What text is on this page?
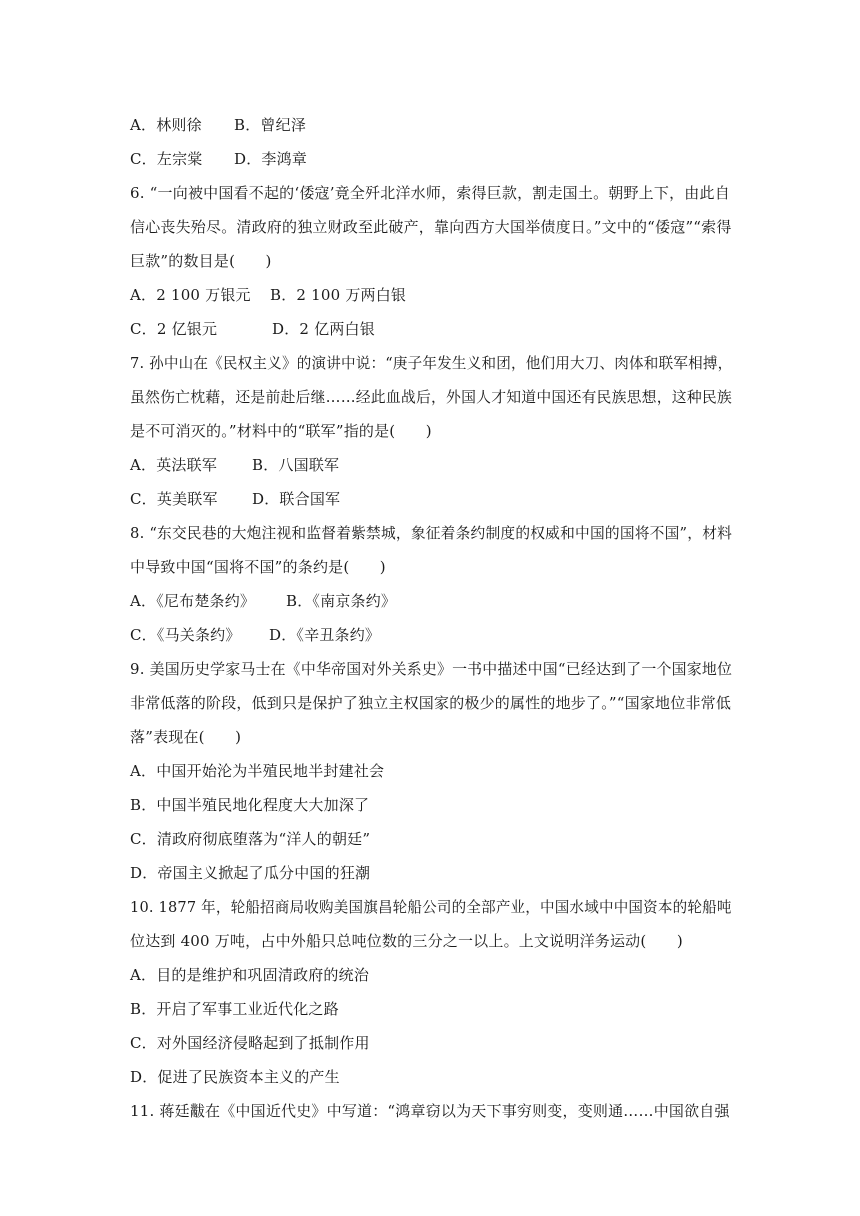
A．林则徐	B．曾纪泽
C．左宗棠	D．李鸿章
6. “一向被中国看不起的‘倭寇’竟全歼北洋水师，索得巨款，割走国土。朝野上下，由此自
信心丧失殆尽。清政府的独立财政至此破产，靠向西方大国举债度日。”文中的“倭寇”“索得
巨款”的数目是(　　)
A．2 100 万银元	B．2 100 万两白银
C．2 亿银元	D．2 亿两白银
7. 孙中山在《民权主义》的演讲中说：“庚子年发生义和团，他们用大刀、肉体和联军相搏，
虽然伤亡枕藉，还是前赴后继……经此血战后，外国人才知道中国还有民族思想，这种民族
是不可消灭的。”材料中的“联军”指的是(　　)
A．英法联军	B．八国联军
C．英美联军	D．联合国军
8. “东交民巷的大炮注视和监督着紫禁城，象征着条约制度的权威和中国的国将不国”，材料
中导致中国“国将不国”的条约是(　　)
A．《尼布楚条约》	B．《南京条约》
C．《马关条约》	D．《辛丑条约》
9. 美国历史学家马士在《中华帝国对外关系史》一书中描述中国“已经达到了一个国家地位
非常低落的阶段，低到只是保护了独立主权国家的极少的属性的地步了。”“国家地位非常低
落”表现在(　　)
A．中国开始沦为半殖民地半封建社会
B．中国半殖民地化程度大大加深了
C．清政府彻底堕落为“洋人的朝廷”
D．帝国主义掀起了瓜分中国的狂潮
10. 1877 年，轮船招商局收购美国旗昌轮船公司的全部产业，中国水域中中国资本的轮船吨
位达到 400 万吨，占中外船只总吨位数的三分之一以上。上文说明洋务运动(　　)
A．目的是维护和巩固清政府的统治
B．开启了军事工业近代化之路
C．对外国经济侵略起到了抵制作用
D．促进了民族资本主义的产生
11. 蒋廷黻在《中国近代史》中写道：“鸿章窃以为天下事穷则变，变则通……中国欲自强
